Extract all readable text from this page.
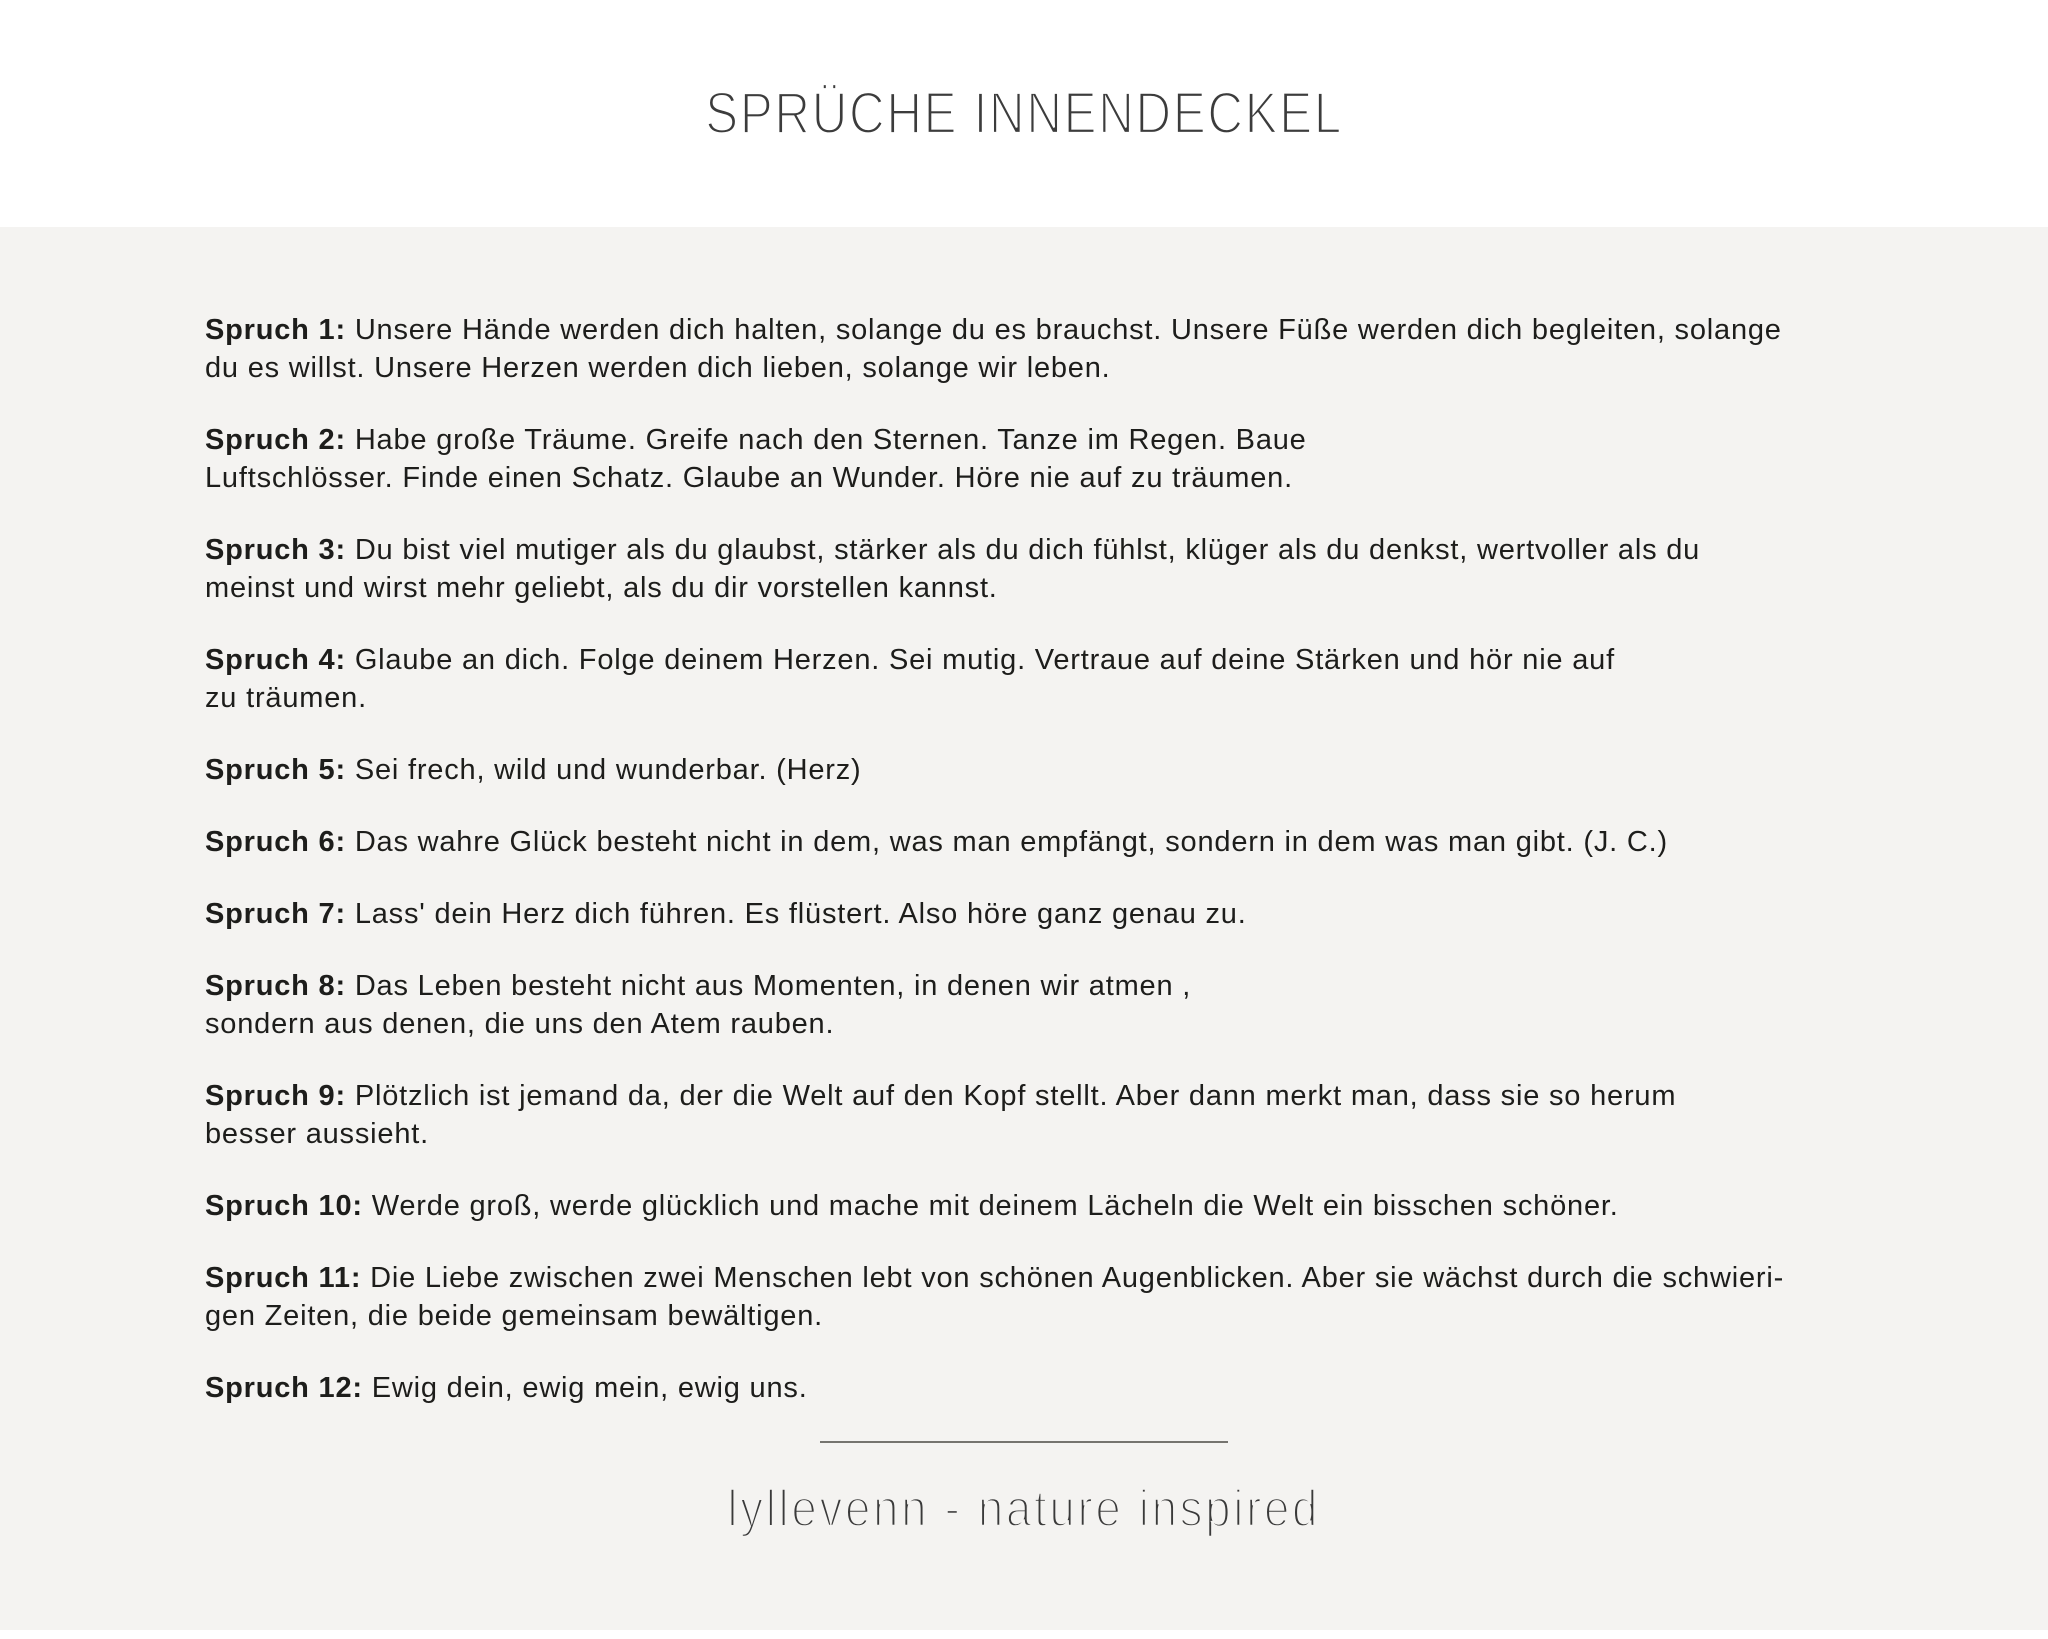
SPRÜCHE INNENDECKEL

Spruch 1: Unsere Hände werden dich halten, solange du es brauchst. Unsere Füße werden dich begleiten, solange
du es willst. Unsere Herzen werden dich lieben, solange wir leben.

Spruch 2: Habe große Träume. Greife nach den Sternen. Tanze im Regen. Baue
Luftschlösser. Finde einen Schatz. Glaube an Wunder. Höre nie auf zu träumen.

Spruch 3: Du bist viel mutiger als du glaubst, stärker als du dich fühlst, klüger als du denkst, wertvoller als du
meinst und wirst mehr geliebt, als du dir vorstellen kannst.

Spruch 4: Glaube an dich. Folge deinem Herzen. Sei mutig. Vertraue auf deine Stärken und hör nie auf
zu träumen.

Spruch 5: Sei frech, wild und wunderbar. (Herz)

Spruch 6: Das wahre Glück besteht nicht in dem, was man empfängt, sondern in dem was man gibt. (J. C.)

Spruch 7: Lass' dein Herz dich führen. Es flüstert. Also höre ganz genau zu.

Spruch 8: Das Leben besteht nicht aus Momenten, in denen wir atmen ,
sondern aus denen, die uns den Atem rauben.

Spruch 9: Plötzlich ist jemand da, der die Welt auf den Kopf stellt. Aber dann merkt man, dass sie so herum
besser aussieht.

Spruch 10: Werde groß, werde glücklich und mache mit deinem Lächeln die Welt ein bisschen schöner.

Spruch 11: Die Liebe zwischen zwei Menschen lebt von schönen Augenblicken. Aber sie wächst durch die schwieri-
gen Zeiten, die beide gemeinsam bewältigen.

Spruch 12: Ewig dein, ewig mein, ewig uns.

lyllevenn - nature inspired
